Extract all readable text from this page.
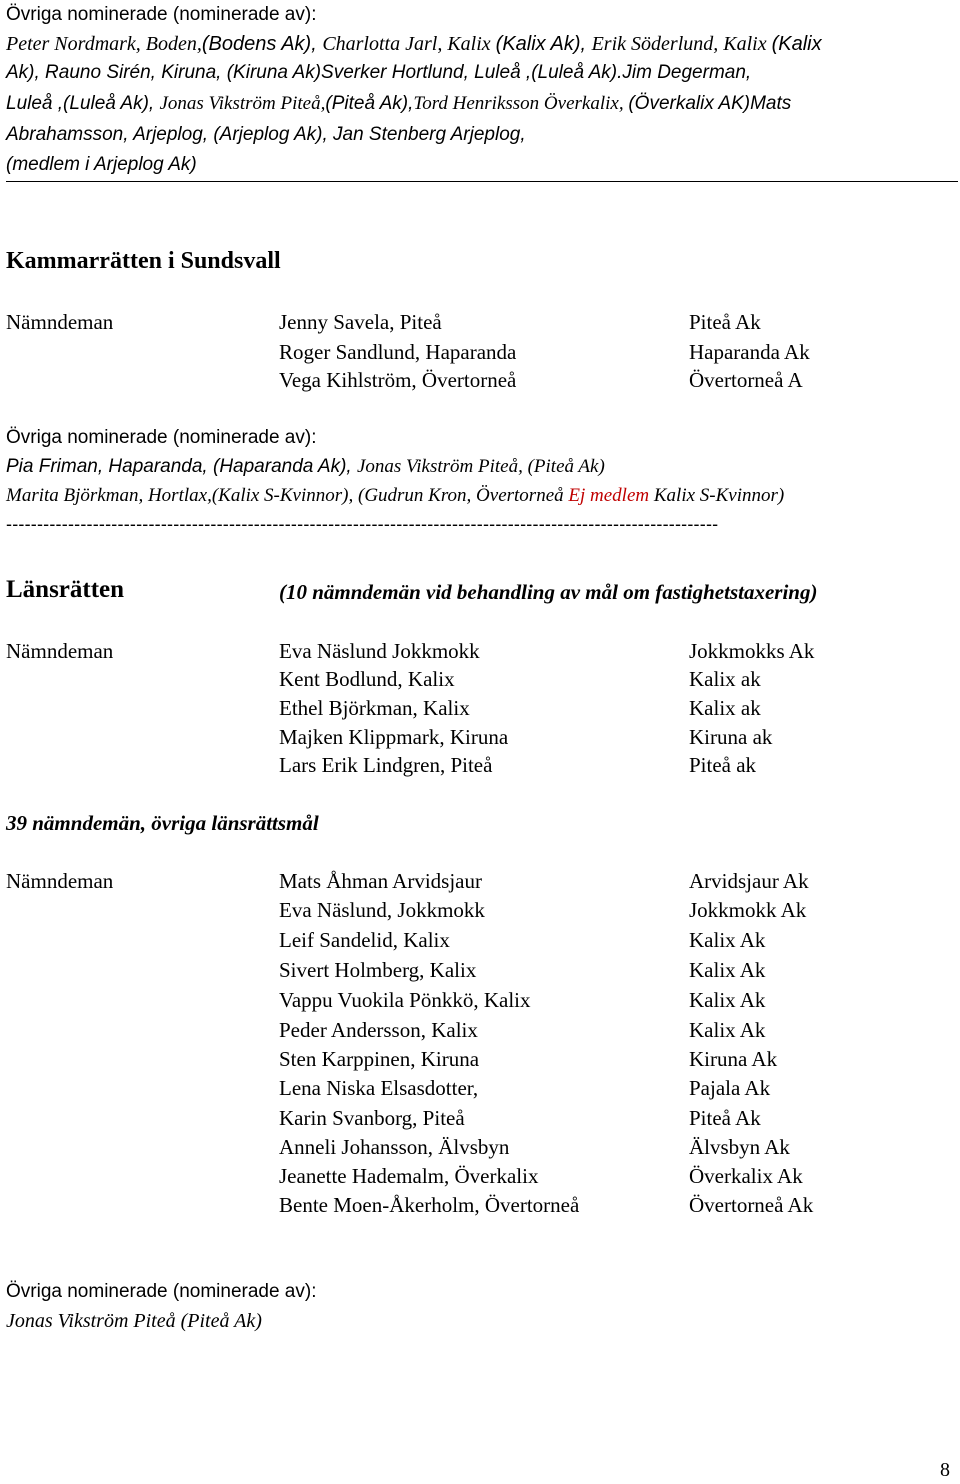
Övriga nominerade (nominerade av):
Peter Nordmark, Boden,(Bodens Ak), Charlotta Jarl, Kalix (Kalix Ak), Erik Söderlund, Kalix (Kalix
Ak), Rauno Sirén, Kiruna, (Kiruna Ak)Sverker Hortlund, Luleå ,(Luleå Ak).Jim Degerman,
Luleå ,(Luleå Ak), Jonas Vikström Piteå,(Piteå Ak),Tord Henriksson Överkalix, (Överkalix AK)Mats
Abrahamsson, Arjeplog, (Arjeplog Ak), Jan Stenberg Arjeplog,
(medlem i Arjeplog Ak)
Kammarrätten i Sundsvall
Nämndeman	Jenny Savela, Piteå	Piteå Ak
Roger Sandlund, Haparanda	Haparanda Ak
Vega Kihlström, Övertorneå	Övertorneå A
Övriga nominerade (nominerade av):
Pia Friman, Haparanda, (Haparanda Ak), Jonas Vikström Piteå, (Piteå Ak)
Marita Björkman, Hortlax,(Kalix S-Kvinnor), (Gudrun Kron, Övertorneå Ej medlem Kalix S-Kvinnor)
-------------------------------------------------------------------------------------------------------------------
Länsrätten	(10 nämndemän vid behandling av mål om fastighetstaxering)
Nämndeman	Eva Näslund Jokkmokk	Jokkmokks Ak
Kent Bodlund, Kalix	Kalix ak
Ethel Björkman, Kalix	Kalix ak
Majken Klippmark, Kiruna	Kiruna ak
Lars Erik Lindgren, Piteå	Piteå ak
39 nämndemän, övriga länsrättsmål
Nämndeman	Mats Åhman Arvidsjaur	Arvidsjaur Ak
Eva Näslund, Jokkmokk	Jokkmokk Ak
Leif Sandelid, Kalix	Kalix Ak
Sivert Holmberg, Kalix	Kalix Ak
Vappu Vuokila Pönkkö, Kalix	Kalix Ak
Peder Andersson, Kalix	Kalix Ak
Sten Karppinen, Kiruna	Kiruna Ak
Lena Niska Elsasdotter,	Pajala Ak
Karin Svanborg, Piteå	Piteå Ak
Anneli Johansson, Älvsbyn	Älvsbyn Ak
Jeanette Hademalm, Överkalix	Överkalix Ak
Bente Moen-Åkerholm, Övertorneå	Övertorneå Ak
Övriga nominerade (nominerade av):
Jonas Vikström Piteå (Piteå Ak)
8
